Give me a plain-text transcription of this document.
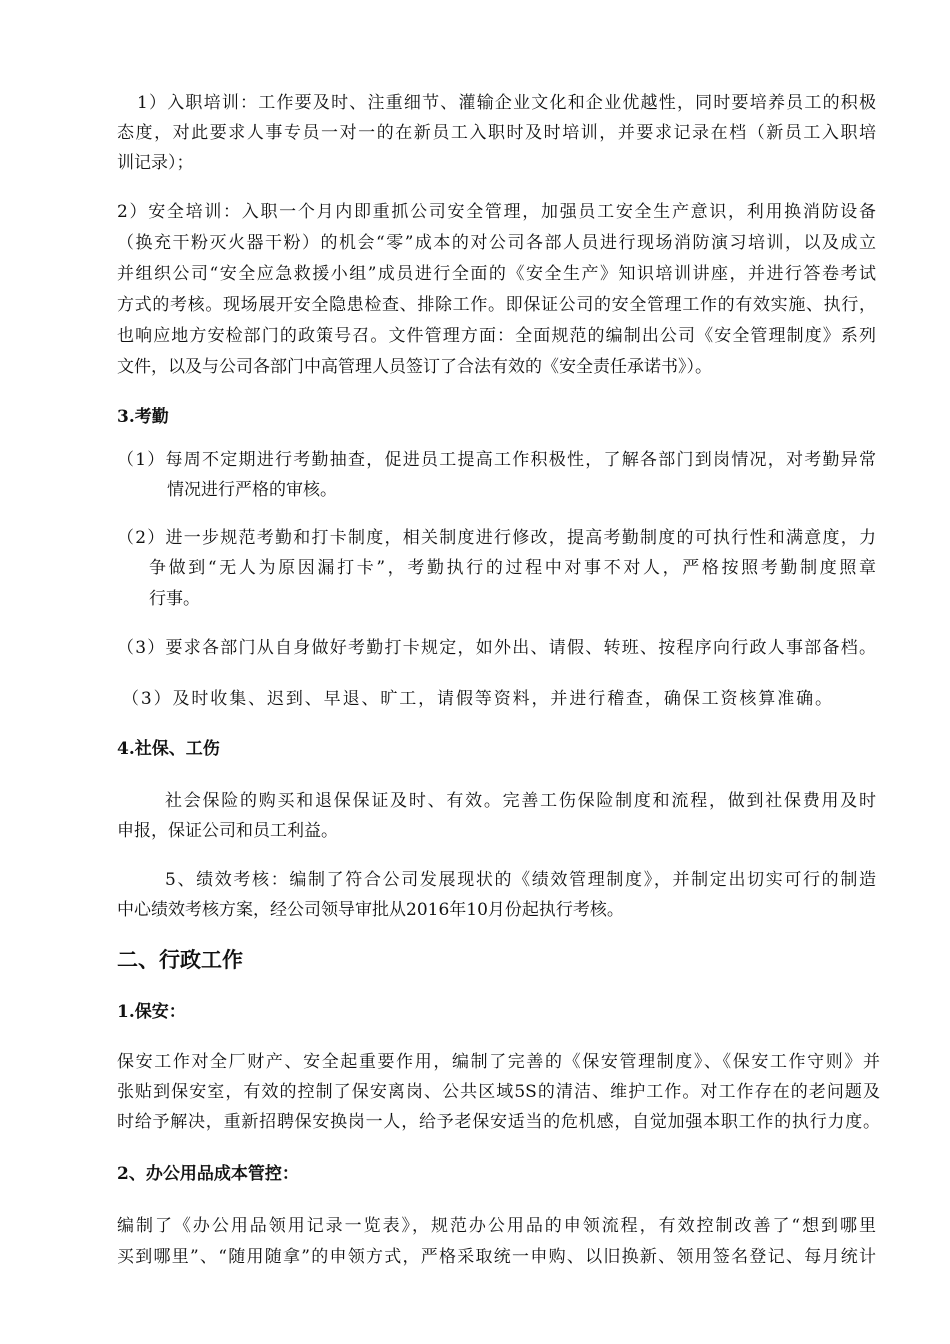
1）入职培训：工作要及时、注重细节、灌输企业文化和企业优越性，同时要培养员工的积极
态度，对此要求人事专员一对一的在新员工入职时及时培训，并要求记录在档（新员工入职培
训记录）；
2）安全培训：入职一个月内即重抓公司安全管理，加强员工安全生产意识，利用换消防设备
（换充干粉灭火器干粉）的机会“零”成本的对公司各部人员进行现场消防演习培训，以及成立
并组织公司“安全应急救援小组”成员进行全面的《安全生产》知识培训讲座，并进行答卷考试
方式的考核。现场展开安全隐患检查、排除工作。即保证公司的安全管理工作的有效实施、执行，
也响应地方安检部门的政策号召。文件管理方面：全面规范的编制出公司《安全管理制度》系列
文件，以及与公司各部门中高管理人员签订了合法有效的《安全责任承诺书》）。
3.考勤
（1）每周不定期进行考勤抽查，促进员工提高工作积极性，了解各部门到岗情况，对考勤异常
情况进行严格的审核。
（2）进一步规范考勤和打卡制度，相关制度进行修改，提高考勤制度的可执行性和满意度，力
争做到“无人为原因漏打卡”，考勤执行的过程中对事不对人，严格按照考勤制度照章
行事。
（3）要求各部门从自身做好考勤打卡规定，如外出、请假、转班、按程序向行政人事部备档。
（3）及时收集、迟到、早退、旷工，请假等资料，并进行稽查，确保工资核算准确。
4.社保、工伤
社会保险的购买和退保保证及时、有效。完善工伤保险制度和流程，做到社保费用及时
申报，保证公司和员工利益。
5、绩效考核：编制了符合公司发展现状的《绩效管理制度》，并制定出切实可行的制造
中心绩效考核方案，经公司领导审批从2016年10月份起执行考核。
二、行政工作
1.保安：
保安工作对全厂财产、安全起重要作用，编制了完善的《保安管理制度》、《保安工作守则》并
张贴到保安室，有效的控制了保安离岗、公共区域5S的清洁、维护工作。对工作存在的老问题及
时给予解决，重新招聘保安换岗一人，给予老保安适当的危机感，自觉加强本职工作的执行力度。
2、办公用品成本管控：
编制了《办公用品领用记录一览表》，规范办公用品的申领流程，有效控制改善了“想到哪里
买到哪里”、“随用随拿”的申领方式，严格采取统一申购、以旧换新、领用签名登记、每月统计
